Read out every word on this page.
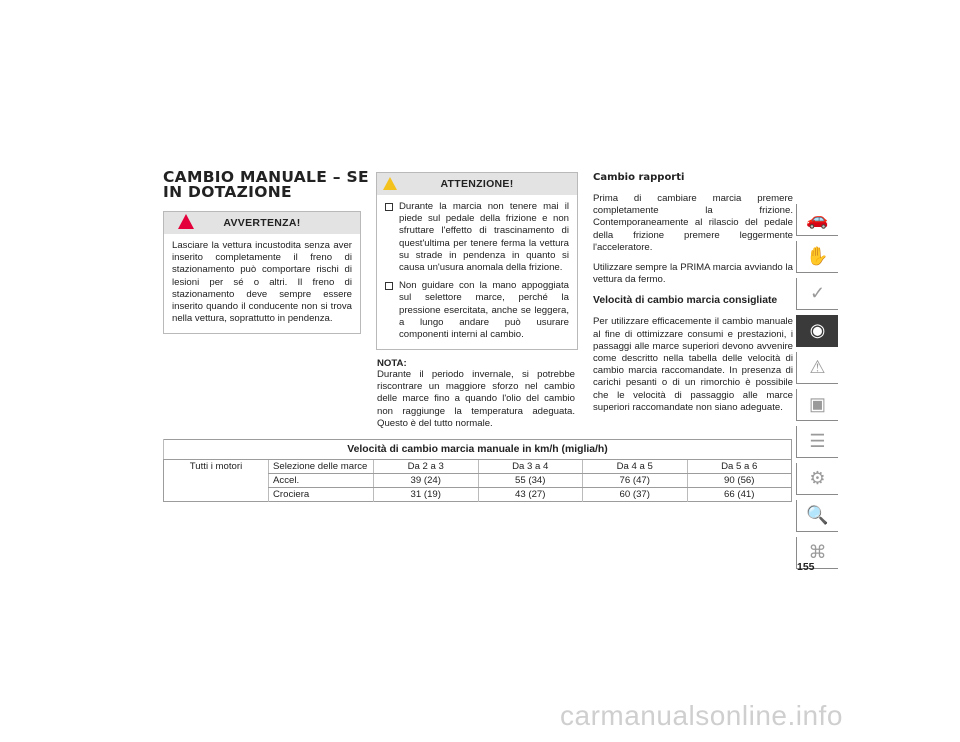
CAMBIO MANUALE – SE IN DOTAZIONE
AVVERTENZA!
Lasciare la vettura incustodita senza aver inserito completamente il freno di stazionamento può comportare rischi di lesioni per sé o altri. Il freno di stazionamento deve sempre essere inserito quando il conducente non si trova nella vettura, soprattutto in pendenza.
ATTENZIONE!
Durante la marcia non tenere mai il piede sul pedale della frizione e non sfruttare l'effetto di trascinamento di quest'ultima per tenere ferma la vettura su strade in pendenza in quanto si causa un'usura anomala della frizione.
Non guidare con la mano appoggiata sul selettore marce, perché la pressione esercitata, anche se leggera, a lungo andare può usurare componenti interni al cambio.
NOTA:
Durante il periodo invernale, si potrebbe riscontrare un maggiore sforzo nel cambio delle marce fino a quando l'olio del cambio non raggiunge la temperatura adeguata. Questo è del tutto normale.
Cambio rapporti
Prima di cambiare marcia premere completamente la frizione. Contemporaneamente al rilascio del pedale della frizione premere leggermente l'acceleratore.
Utilizzare sempre la PRIMA marcia avviando la vettura da fermo.
Velocità di cambio marcia consigliate
Per utilizzare efficacemente il cambio manuale al fine di ottimizzare consumi e prestazioni, i passaggi alle marce superiori devono avvenire come descritto nella tabella delle velocità di cambio marcia raccomandate. In presenza di carichi pesanti o di un rimorchio è possibile che le velocità di passaggio alle marce superiori raccomandate non siano adeguate.
Velocità di cambio marcia manuale in km/h (miglia/h)					
Tutti i motori	Selezione delle marce	Da 2 a 3	Da 3 a 4	Da 4 a 5	Da 5 a 6
	Accel.	39 (24)	55 (34)	76 (47)	90 (56)
	Crociera	31 (19)	43 (27)	60 (37)	66 (41)
🚗
✋
✓
◉
⚠
▣
☰
⚙
🔍
⌘
155
carmanualsonline.info
